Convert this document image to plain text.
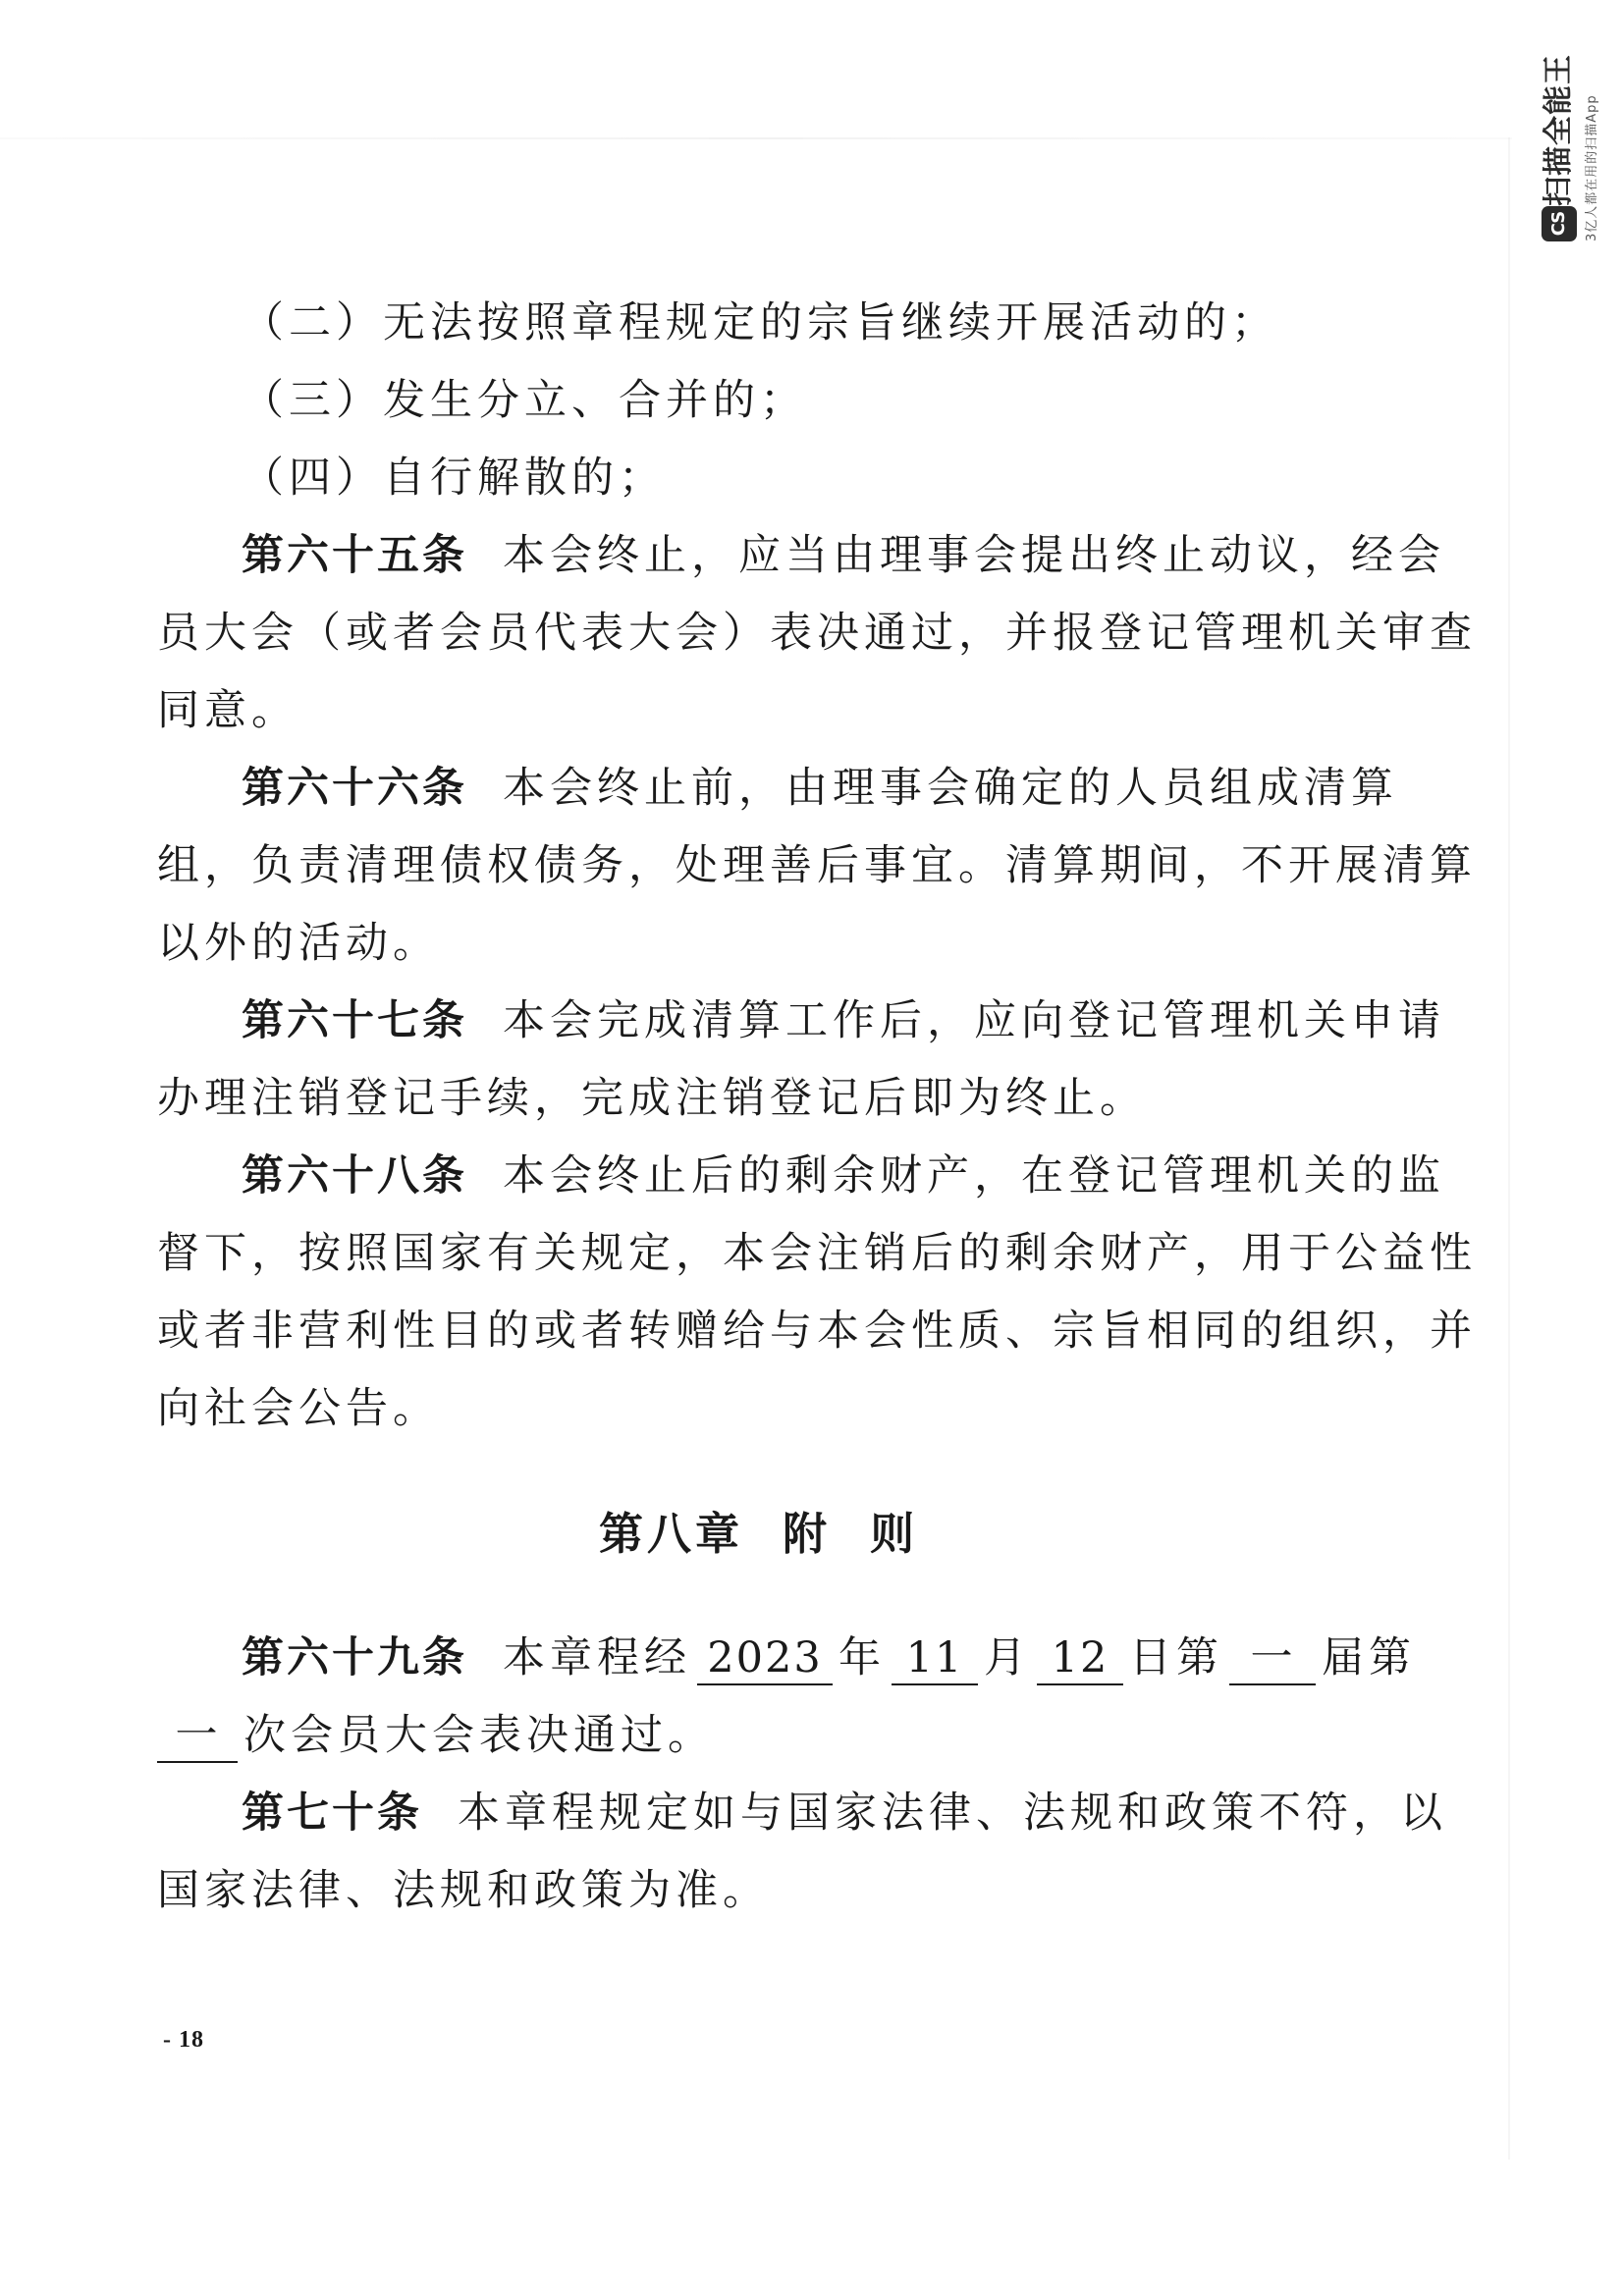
CS
扫描全能王 3亿人都在用的扫描App
（二）无法按照章程规定的宗旨继续开展活动的；
（三）发生分立、合并的；
（四）自行解散的；
第六十五条 本会终止，应当由理事会提出终止动议，经会
员大会（或者会员代表大会）表决通过，并报登记管理机关审查
同意。
第六十六条 本会终止前，由理事会确定的人员组成清算
组，负责清理债权债务，处理善后事宜。清算期间，不开展清算
以外的活动。
第六十七条 本会完成清算工作后，应向登记管理机关申请
办理注销登记手续，完成注销登记后即为终止。
第六十八条 本会终止后的剩余财产，在登记管理机关的监
督下，按照国家有关规定，本会注销后的剩余财产，用于公益性
或者非营利性目的或者转赠给与本会性质、宗旨相同的组织，并
向社会公告。
第八章 附 则
第六十九条 本章程经 2023 年 11 月 12 日第 一 届第
一 次会员大会表决通过。
第七十条 本章程规定如与国家法律、法规和政策不符，以
国家法律、法规和政策为准。
- 18
